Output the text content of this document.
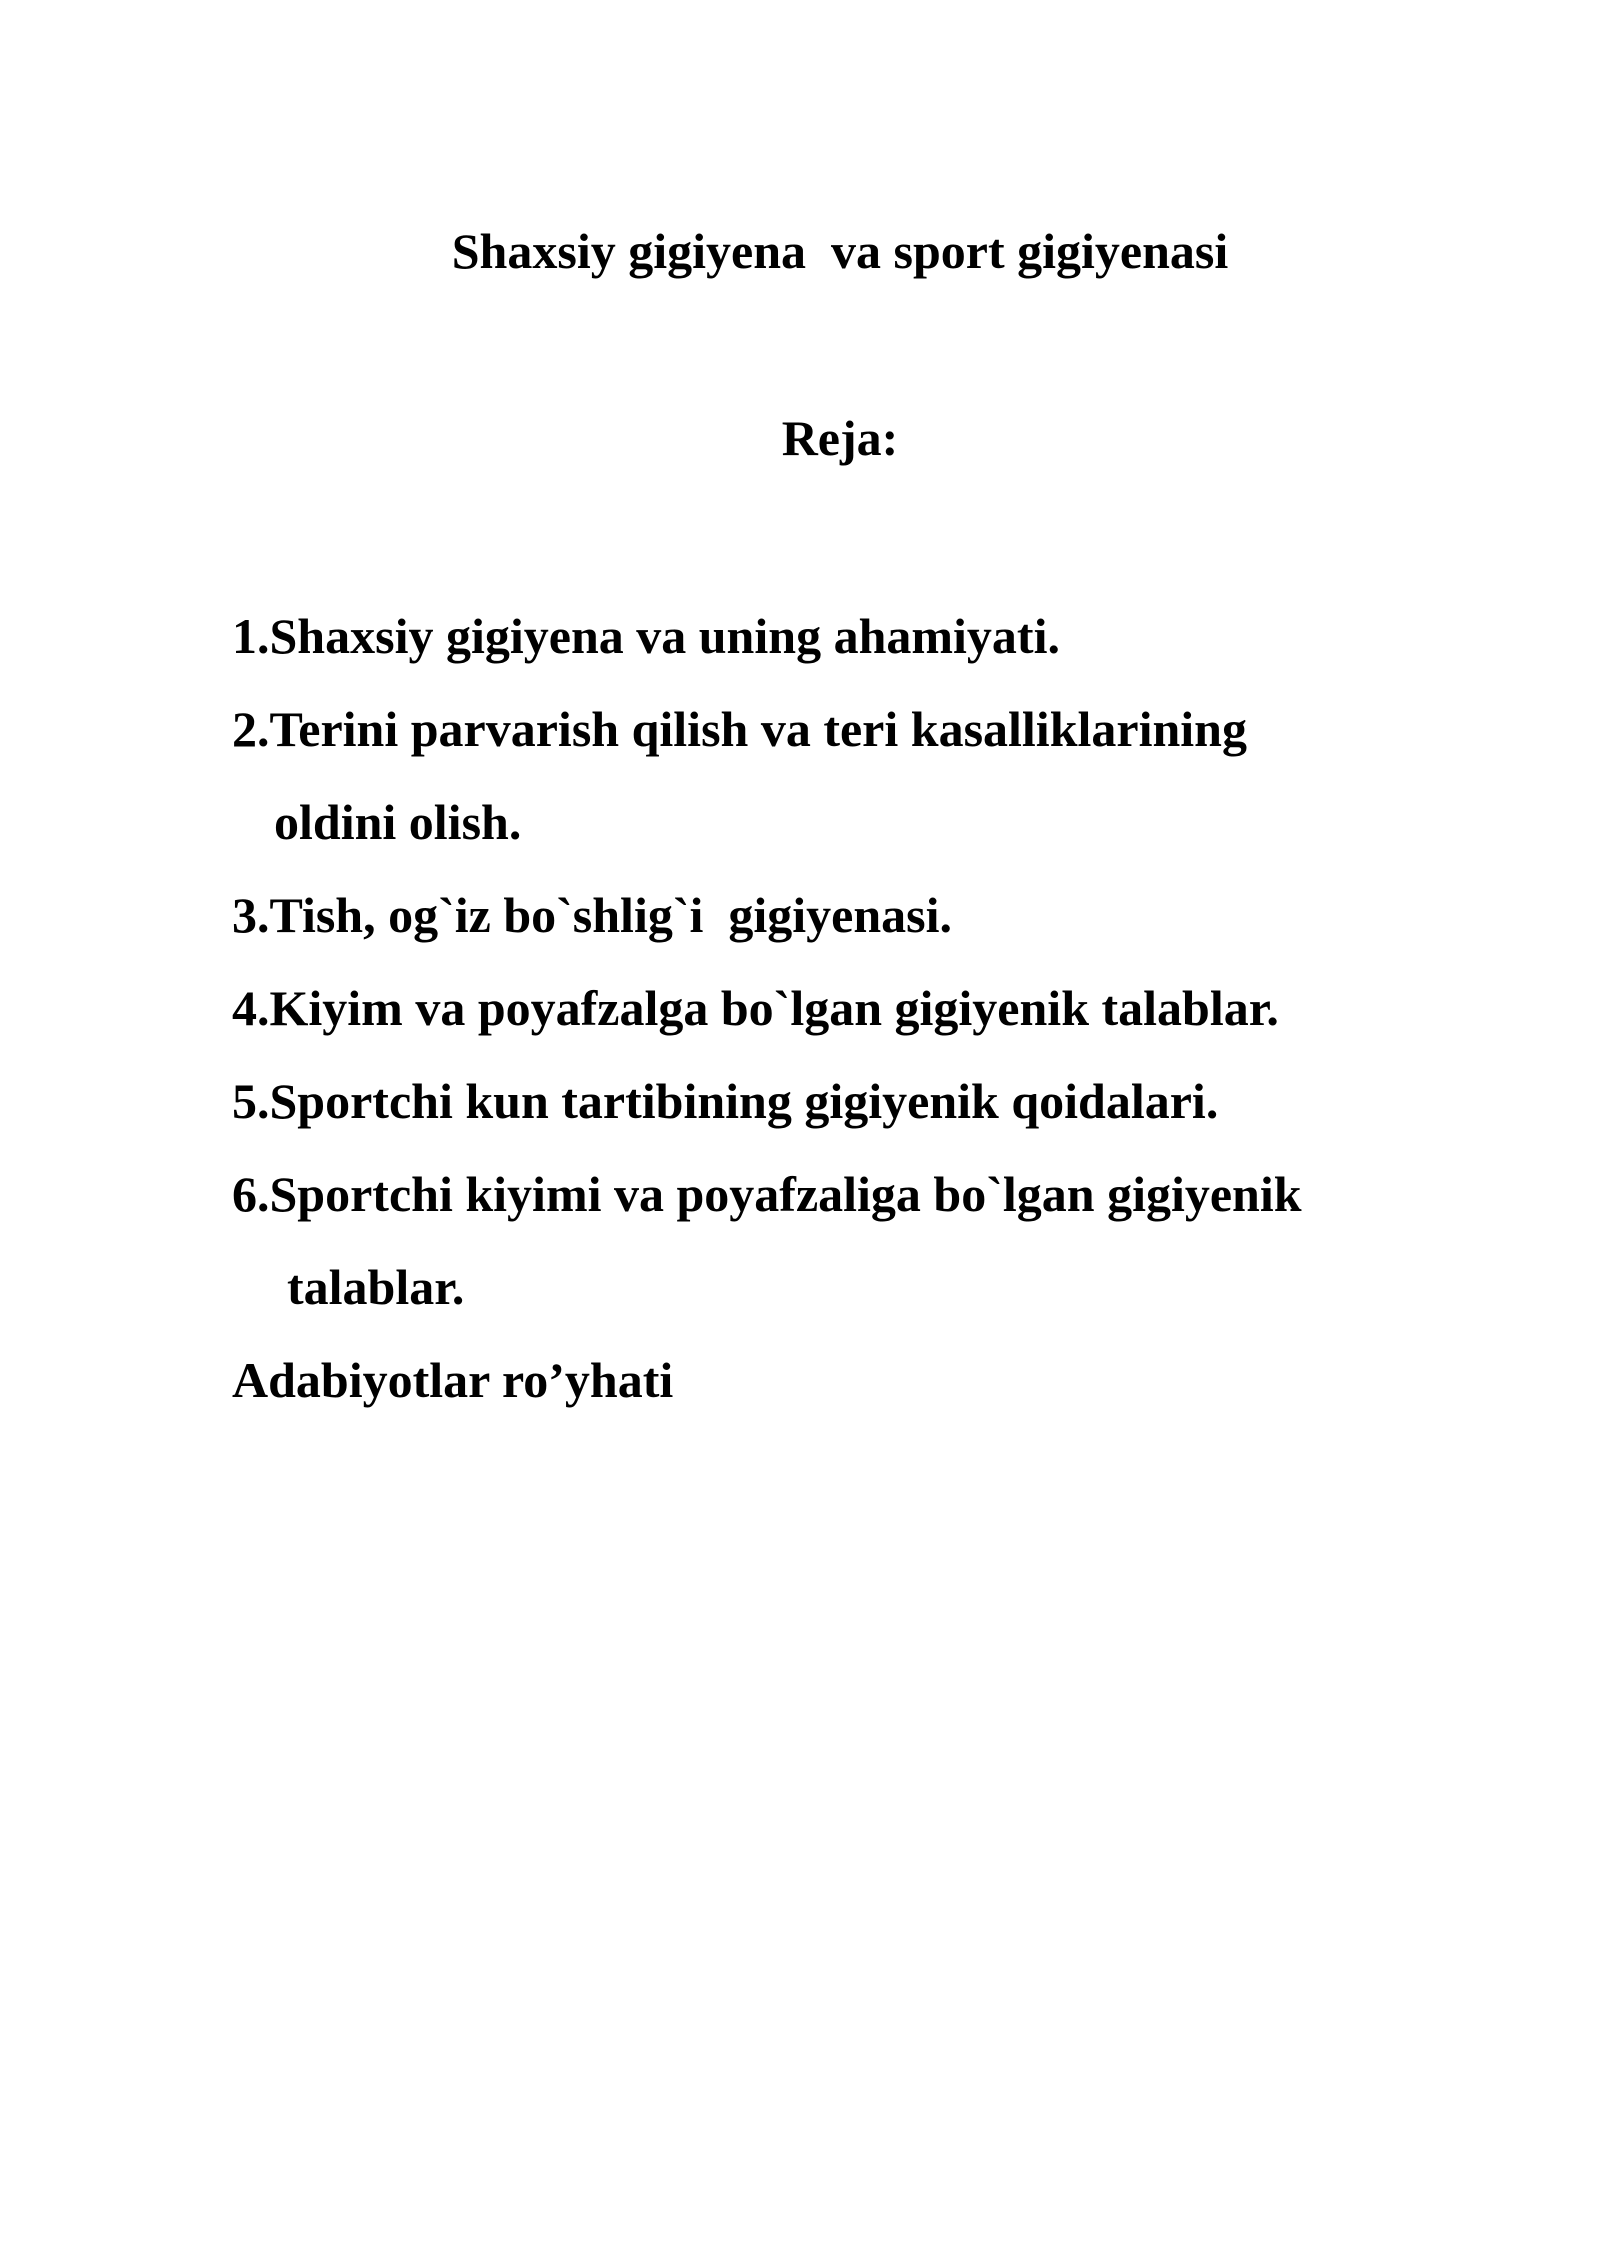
Shaxsiy gigiyena  va sport gigiyenasi
Reja:
1.Shaxsiy gigiyena va uning ahamiyati.
2.Terini parvarish qilish va teri kasalliklarining
oldini olish.
3.Tish, og`iz bo`shlig`i  gigiyenasi.
4.Kiyim va poyafzalga bo`lgan gigiyenik talablar.
5.Sportchi kun tartibining gigiyenik qoidalari.
6.Sportchi kiyimi va poyafzaliga bo`lgan gigiyenik
talablar.
Adabiyotlar ro’yhati
